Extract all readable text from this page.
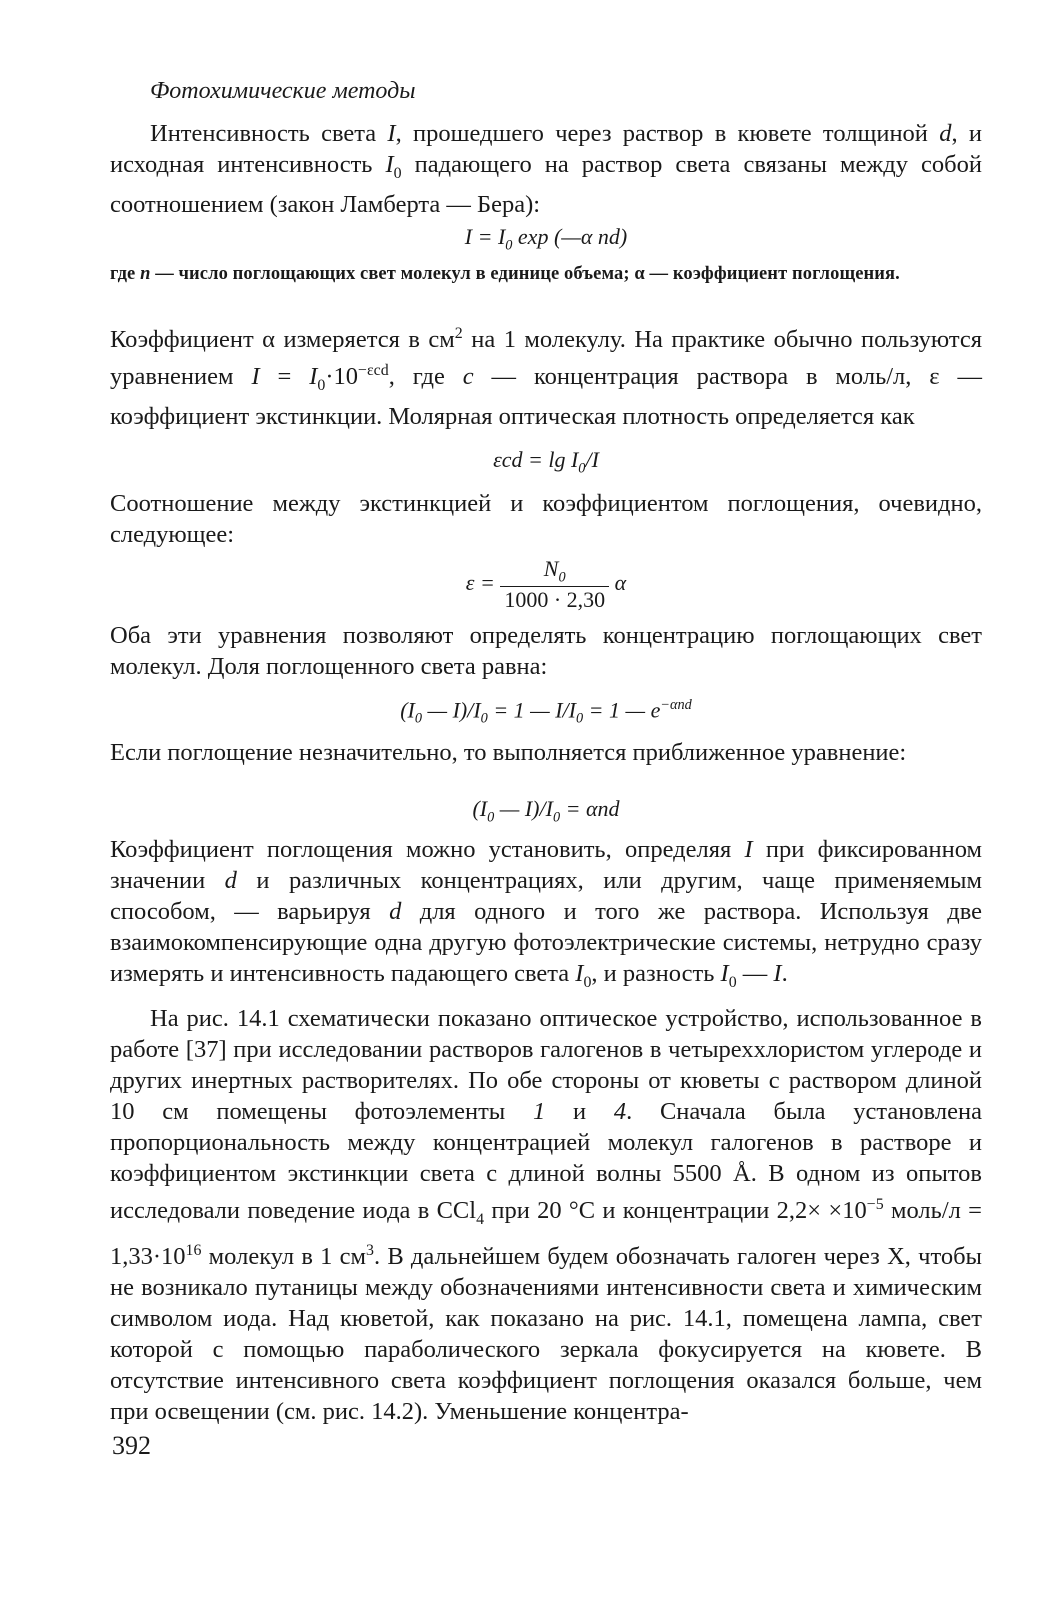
Фотохимические методы

Интенсивность света I, прошедшего через раствор в кювете толщиной d, и исходная интенсивность $I_0$ падающего на раствор света связаны между собой соотношением (закон Ламберта — Бера):

$I = I_0$ exp (—α nd)

где n — число поглощающих свет молекул в единице объема; α — коэффициент поглощения.

Коэффициент α измеряется в $см^2$ на 1 молекулу. На практике обычно пользуются уравнением $I = I_0\cdot 10^{-\varepsilon cd}$, где c — концентрация раствора в моль/л, ε — коэффициент экстинкции. Молярная оптическая плотность определяется как

$\varepsilon cd = \lg I_0/I$

Соотношение между экстинкцией и коэффициентом поглощения, очевидно, следующее:

$\varepsilon = \frac{N_0}{1000 \cdot 2,30}$ α

Оба эти уравнения позволяют определять концентрацию поглощающих свет молекул. Доля поглощенного света равна:

($I_0$ — $I)/I_0 = 1$ — $I/I_0 = 1$ — $e^{-\alpha nd}$

Если поглощение незначительно, то выполняется приближенное уравнение:

($I_0$ — $I)/I_0 = \alpha nd$

Коэффициент поглощения можно установить, определяя I при фиксированном значении d и различных концентрациях, или другим, чаще применяемым способом, — варьируя d для одного и того же раствора. Используя две взаимокомпенсирующие одна другую фотоэлектрические системы, нетрудно сразу измерять и интенсивность падающего света $I_0$, и разность $I_0$ — I.

На рис. 14.1 схематически показано оптическое устройство, использованное в работе [37] при исследовании растворов галогенов в четыреххлористом углероде и других инертных растворителях. По обе стороны от кюветы с раствором длиной 10 см помещены фотоэлементы 1 и 4. Сначала была установлена пропорциональность между концентрацией молекул галогенов в растворе и коэффициентом экстинкции света с длиной волны 5500 Å. В одном из опытов исследовали поведение иода в CCl$_4$ при 20 °C и концентрации $2,2\times \times 10^{-5}$ моль/л = $1,33\cdot 10^{16}$ молекул в 1 $см^3$. В дальнейшем будем обозначать галоген через X, чтобы не возникало путаницы между обозначениями интенсивности света и химическим символом иода. Над кюветой, как показано на рис. 14.1, помещена лампа, свет которой с помощью параболического зеркала фокусируется на кювете. В отсутствие интенсивного света коэффициент поглощения оказался больше, чем при освещении (см. рис. 14.2). Уменьшение концентра-

392
